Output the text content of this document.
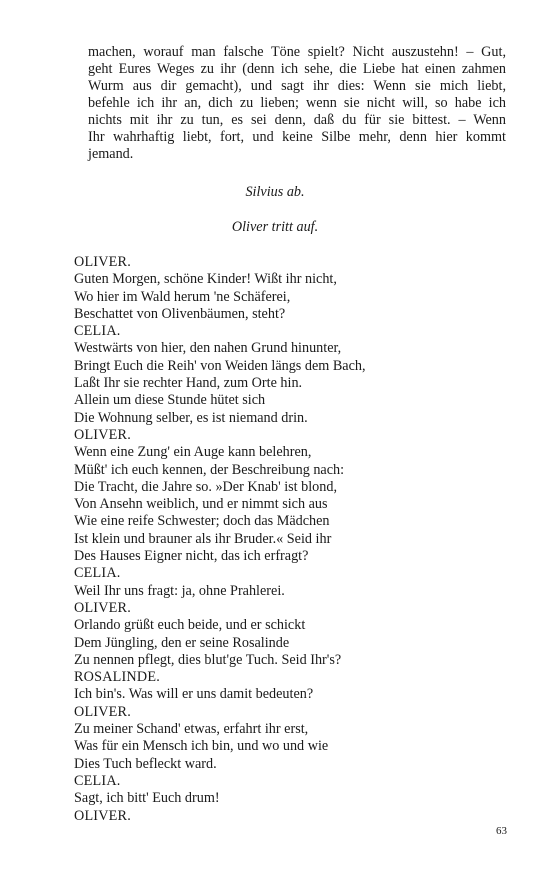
machen, worauf man falsche Töne spielt? Nicht auszustehn! – Gut,
geht Eures Weges zu ihr (denn ich sehe, die Liebe hat einen zahmen
Wurm aus dir gemacht), und sagt ihr dies: Wenn sie mich liebt,
befehle ich ihr an, dich zu lieben; wenn sie nicht will, so habe ich
nichts mit ihr zu tun, es sei denn, daß du für sie bittest. – Wenn
Ihr wahrhaftig liebt, fort, und keine Silbe mehr, denn hier kommt
jemand.
Silvius ab.
Oliver tritt auf.
OLIVER.
Guten Morgen, schöne Kinder! Wißt ihr nicht,
Wo hier im Wald herum 'ne Schäferei,
Beschattet von Olivenbäumen, steht?
CELIA.
Westwärts von hier, den nahen Grund hinunter,
Bringt Euch die Reih' von Weiden längs dem Bach,
Laßt Ihr sie rechter Hand, zum Orte hin.
Allein um diese Stunde hütet sich
Die Wohnung selber, es ist niemand drin.
OLIVER.
Wenn eine Zung' ein Auge kann belehren,
Müßt' ich euch kennen, der Beschreibung nach:
Die Tracht, die Jahre so. »Der Knab' ist blond,
Von Ansehn weiblich, und er nimmt sich aus
Wie eine reife Schwester; doch das Mädchen
Ist klein und brauner als ihr Bruder.« Seid ihr
Des Hauses Eigner nicht, das ich erfragt?
CELIA.
Weil Ihr uns fragt: ja, ohne Prahlerei.
OLIVER.
Orlando grüßt euch beide, und er schickt
Dem Jüngling, den er seine Rosalinde
Zu nennen pflegt, dies blut'ge Tuch. Seid Ihr's?
ROSALINDE.
Ich bin's. Was will er uns damit bedeuten?
OLIVER.
Zu meiner Schand' etwas, erfahrt ihr erst,
Was für ein Mensch ich bin, und wo und wie
Dies Tuch befleckt ward.
CELIA.
Sagt, ich bitt' Euch drum!
OLIVER.
63
